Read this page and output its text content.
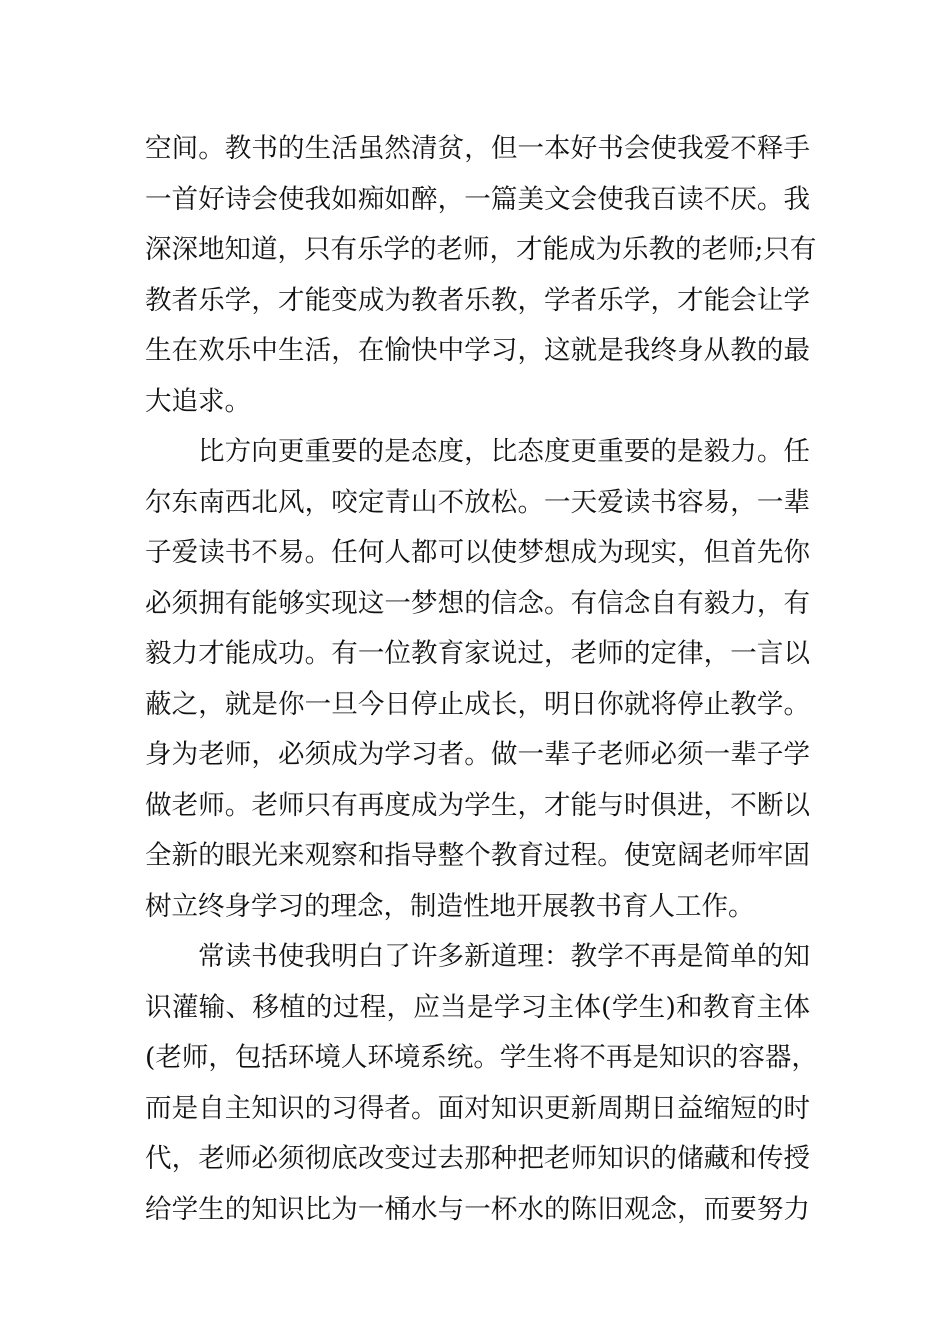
空间。教书的生活虽然清贫，但一本好书会使我爱不释手
一首好诗会使我如痴如醉，一篇美文会使我百读不厌。我
深深地知道，只有乐学的老师，才能成为乐教的老师;只有
教者乐学，才能变成为教者乐教，学者乐学，才能会让学
生在欢乐中生活，在愉快中学习，这就是我终身从教的最
大追求。
比方向更重要的是态度，比态度更重要的是毅力。任
尔东南西北风，咬定青山不放松。一天爱读书容易，一辈
子爱读书不易。任何人都可以使梦想成为现实，但首先你
必须拥有能够实现这一梦想的信念。有信念自有毅力，有
毅力才能成功。有一位教育家说过，老师的定律，一言以
蔽之，就是你一旦今日停止成长，明日你就将停止教学。
身为老师，必须成为学习者。做一辈子老师必须一辈子学
做老师。老师只有再度成为学生，才能与时俱进，不断以
全新的眼光来观察和指导整个教育过程。使宽阔老师牢固
树立终身学习的理念，制造性地开展教书育人工作。
常读书使我明白了许多新道理：教学不再是简单的知
识灌输、移植的过程，应当是学习主体(学生)和教育主体
(老师，包括环境人环境系统。学生将不再是知识的容器，
而是自主知识的习得者。面对知识更新周期日益缩短的时
代，老师必须彻底改变过去那种把老师知识的储藏和传授
给学生的知识比为一桶水与一杯水的陈旧观念，而要努力
